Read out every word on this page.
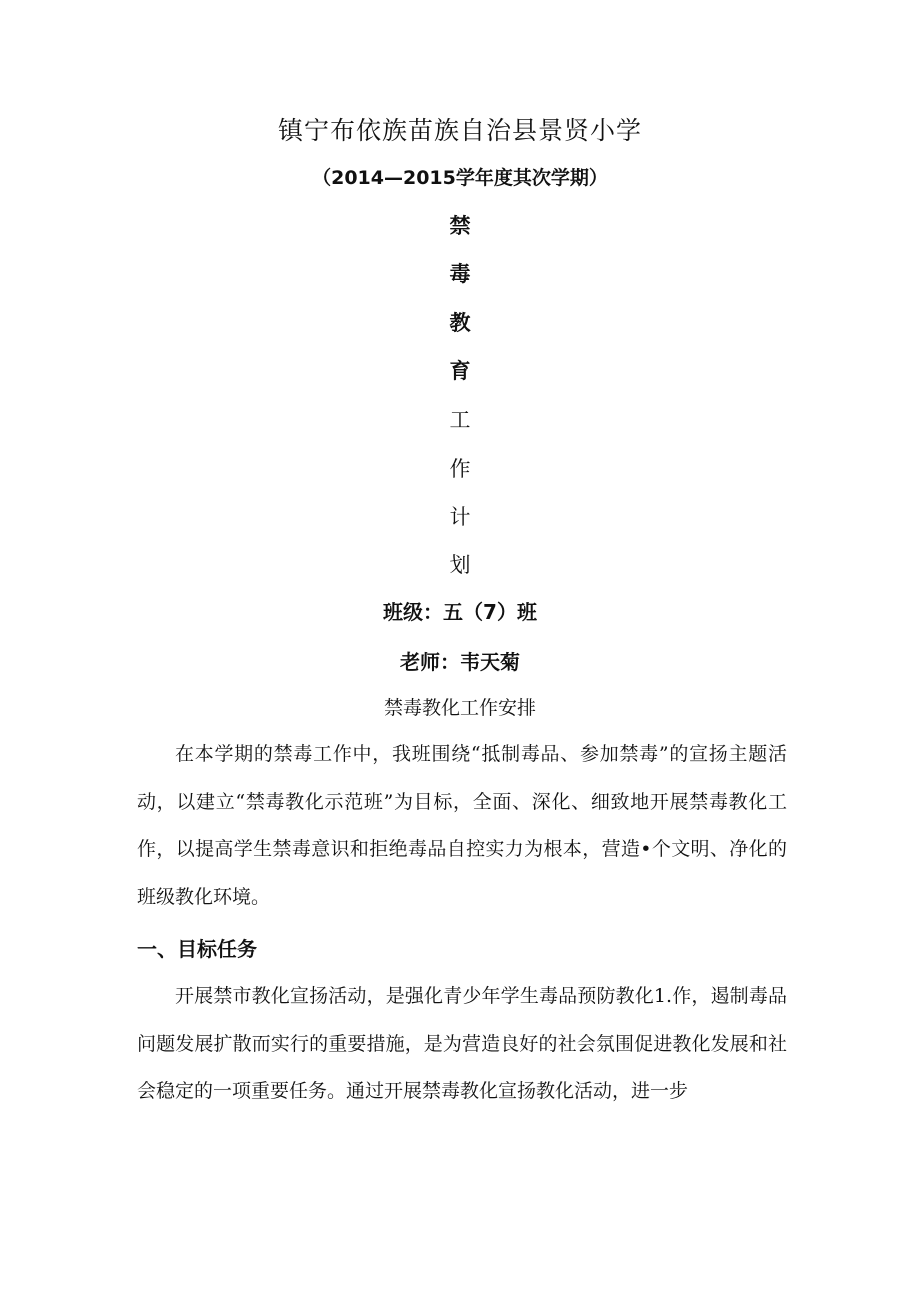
镇宁布依族苗族自治县景贤小学
（2014—2015学年度其次学期）
禁
毒
教
育
工
作
计
划
班级：五（7）班
老师：韦天菊
禁毒教化工作安排
在本学期的禁毒工作中，我班围绕“抵制毒品、参加禁毒”的宣扬主题活动，以建立“禁毒教化示范班”为目标，全面、深化、细致地开展禁毒教化工作，以提高学生禁毒意识和拒绝毒品自控实力为根本，营造•个文明、净化的班级教化环境。
一、目标任务
开展禁市教化宣扬活动，是强化青少年学生毒品预防教化1.作，遏制毒品问题发展扩散而实行的重要措施，是为营造良好的社会氛围促进教化发展和社会稳定的一项重要任务。通过开展禁毒教化宣扬教化活动，进一步
